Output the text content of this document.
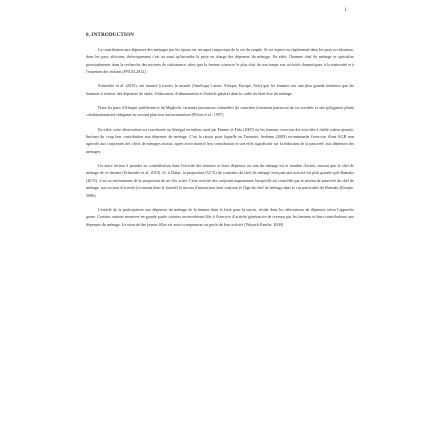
1
0. INTRODUCTION

La contribution aux dépenses des ménages par les époux est un aspect important de la vie du couple. Si cet aspect est réglementé dans les pays occidentaux, dans les pays africains, théoriquement c'est au mari qu'incombe la prise en charge des dépenses du ménage. En effet, l'homme chef de ménage se spécialise principalement dans la recherche des moyens de subsistance, alors que la femme consacre le plus clair de son temps aux activités domestiques, à la maternité et à l'entretien des enfants (PNUD,2012).

Schneider et al. (2010), ont montré à travers le monde (Amérique Latine, Afrique, Europe, Asie) que les femmes ont une plus grande tendance que les hommes à réaliser des dépenses de santé, d'éducation, d'alimentation et d'intérêt général dans le cadre du bien-être du ménage.

Dans les pays d'Afrique sahélienne et du Maghreb, certaines pesanteurs culturelles (le caractère fortement patriarcal de ces sociétés et une polygamie plutôt cohabitationniste) relèguent au second plan leur autonomisation (Pillon et al., 1997).

En effet, cette observation est corroborée au Sénégal en milieu rural par Pramer et Fida (2007) où les femmes exercent des activités à faible valeur ajoutée, limitant du coup leur contribution aux dépenses du ménage. C'est la raison pour laquelle en Tanzanie, Seebens (2009) recommande l'exercice d'une AGR non agricole aux conjointes des chefs de ménages ruraux, après avoir montré leur contribution et son effet significatif sur la réduction de la pauvreté, aux dépenses des ménages.

Un autre facteur à prendre en considération dans l'activité des femmes et leurs dépenses au sein du ménage est le nombre d'actifs, surtout que le chef de ménage de ce dernier (Schneider et al. 2010). Si, à Dakar, la proportion (52 %) de conjoints du chef de ménage exerçant une activité est plus grande qu'à Bamako (46 %), il en va inversement de la proportion de ses fils actifs. Cette activité des conjoints augmentent lorsqu'elle est contrôlée par le niveau de pauvreté du chef de ménage, son secteur d'activité (croissant dans le formel) le niveau d'instruction était conjoint et l'âge du chef de ménage dans le cas particulier de Bamako (Kuepie, 2006).

L'intérêt de la participation aux dépenses du ménage de la femme dans la lutte pour la survie, réside dans les affectations de dépenses selon l'approche genre. Certains auteurs montrent en grande partie certains inconvénients liés à l'exercice d'activité génératrice de revenus par les femmes et leurs contributions aux dépenses du ménage. La sécurité des jeunes filles est aussi compromise au profit de leur activité (Wayack-Pambe, 2008).
